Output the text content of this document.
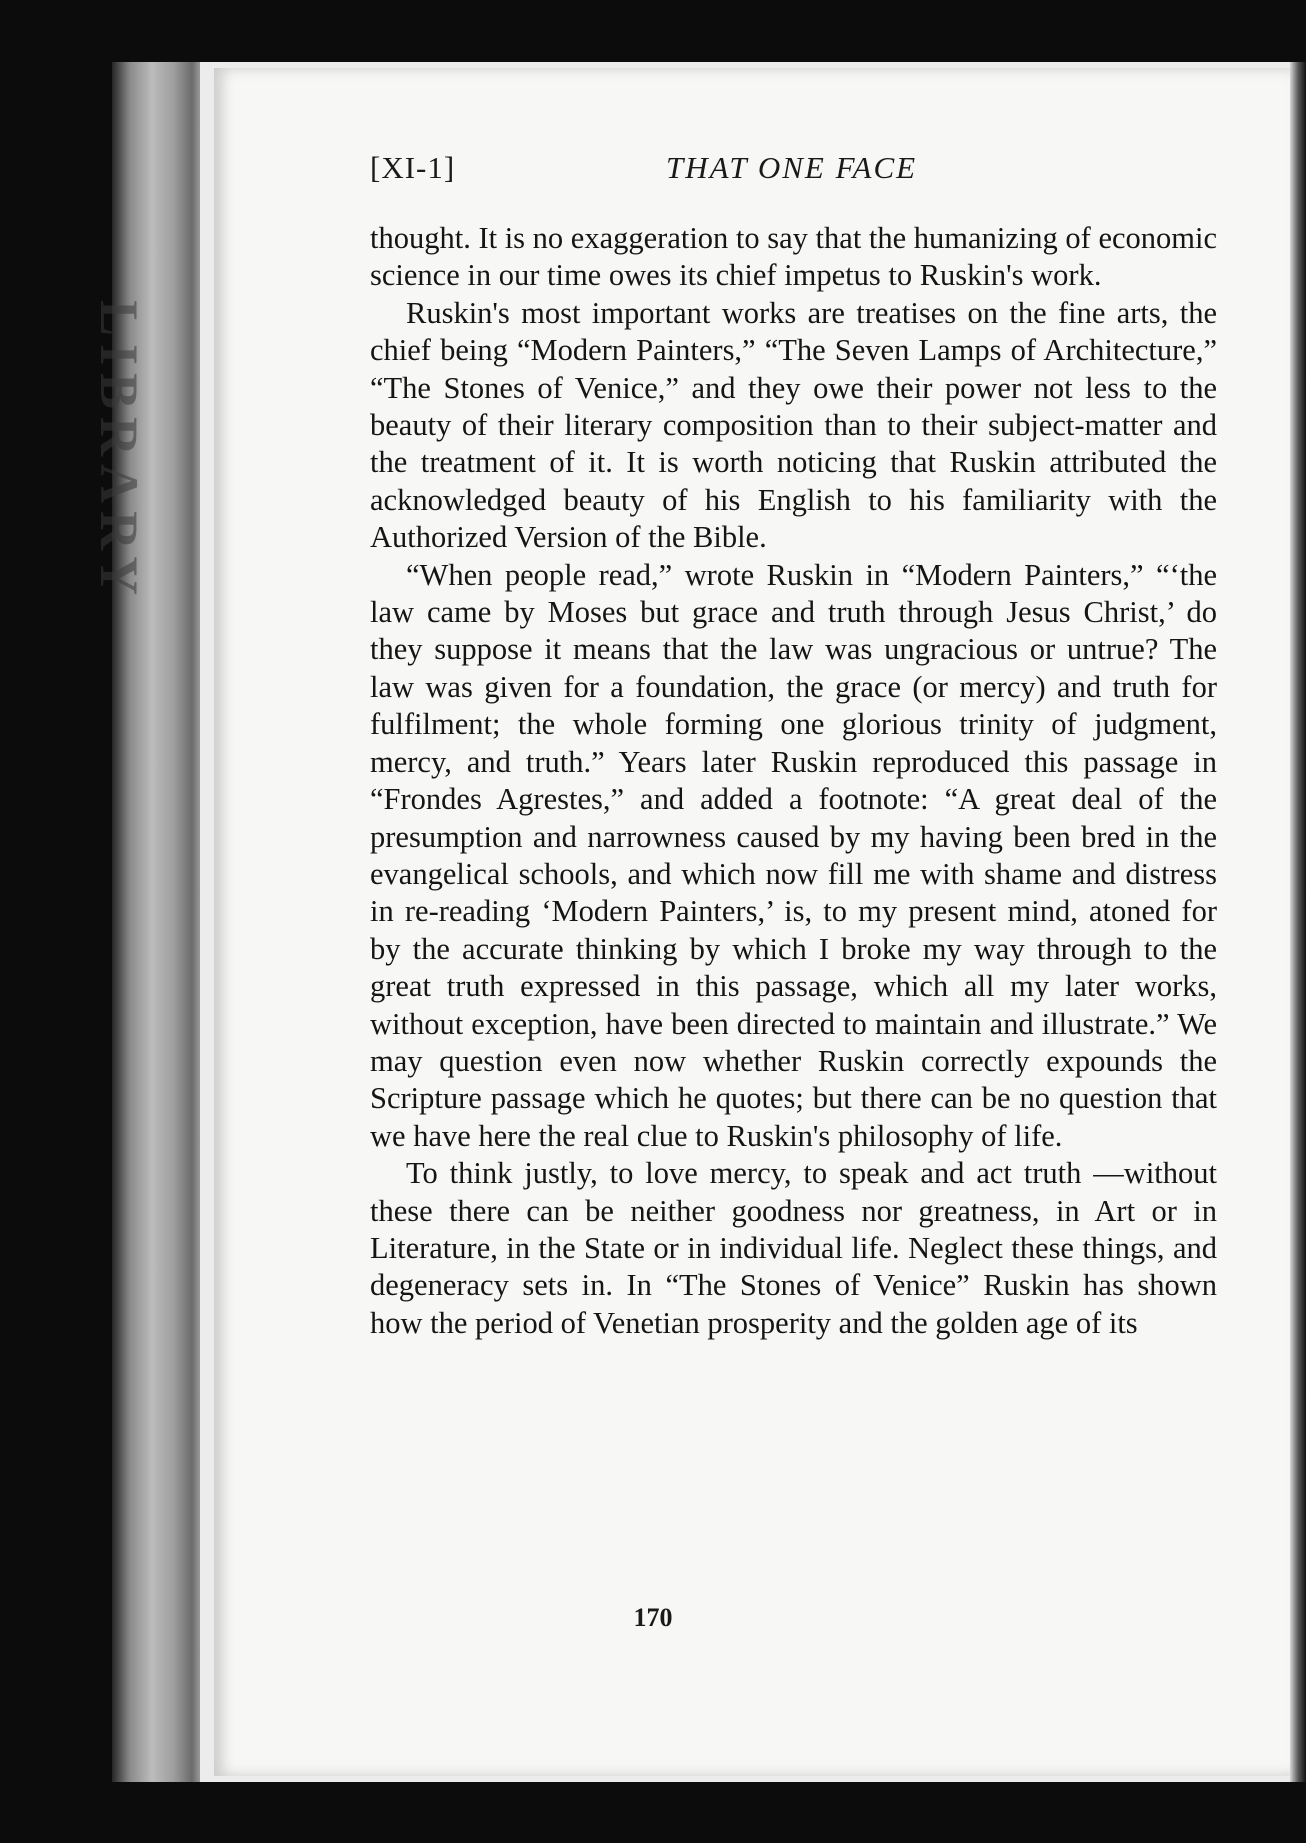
LIBRARY
[XI-1]	THAT ONE FACE

thought. It is no exaggeration to say that the humanizing of economic science in our time owes its chief impetus to Ruskin's work.

Ruskin's most important works are treatises on the fine arts, the chief being “Modern Painters,” “The Seven Lamps of Architecture,” “The Stones of Venice,” and they owe their power not less to the beauty of their literary composition than to their subject-matter and the treatment of it. It is worth noticing that Ruskin attributed the acknowledged beauty of his English to his familiarity with the Authorized Version of the Bible.

“When people read,” wrote Ruskin in “Modern Painters,” “‘the law came by Moses but grace and truth through Jesus Christ,’ do they suppose it means that the law was ungracious or untrue? The law was given for a foundation, the grace (or mercy) and truth for fulfilment; the whole forming one glorious trinity of judgment, mercy, and truth.” Years later Ruskin reproduced this passage in “Frondes Agrestes,” and added a footnote: “A great deal of the presumption and narrowness caused by my having been bred in the evangelical schools, and which now fill me with shame and distress in re-reading ‘Modern Painters,’ is, to my present mind, atoned for by the accurate thinking by which I broke my way through to the great truth expressed in this passage, which all my later works, without exception, have been directed to maintain and illustrate.” We may question even now whether Ruskin correctly expounds the Scripture passage which he quotes; but there can be no question that we have here the real clue to Ruskin's philosophy of life.

To think justly, to love mercy, to speak and act truth —without these there can be neither goodness nor greatness, in Art or in Literature, in the State or in individual life. Neglect these things, and degeneracy sets in. In “The Stones of Venice” Ruskin has shown how the period of Venetian prosperity and the golden age of its

170
